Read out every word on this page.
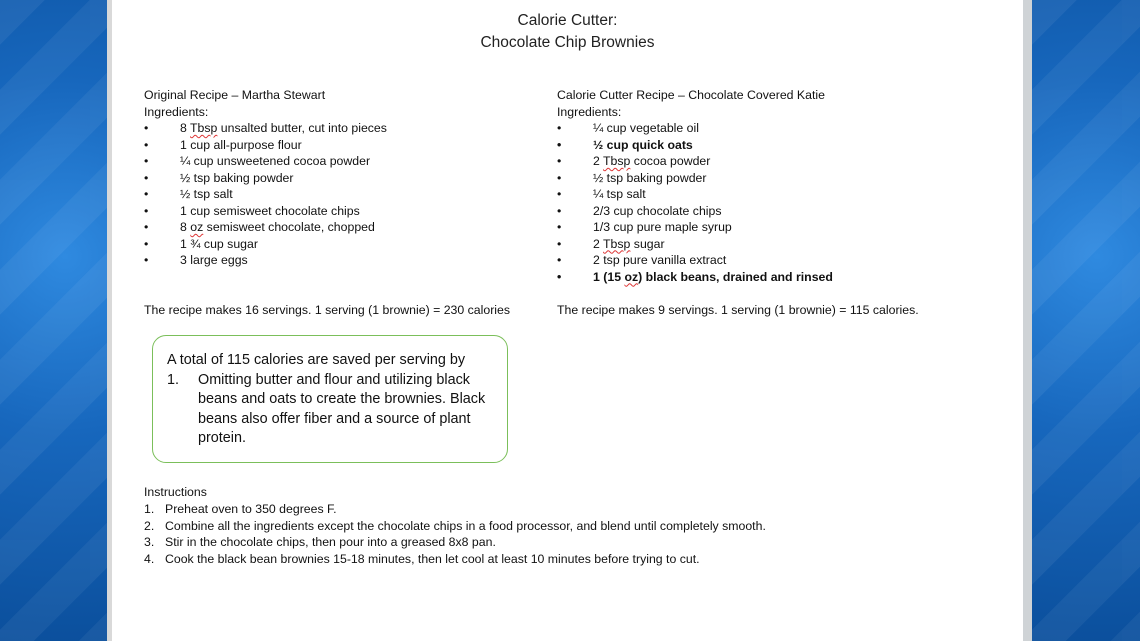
Calorie Cutter:
Chocolate Chip Brownies
Original Recipe – Martha Stewart
Ingredients:
•	8 Tbsp unsalted butter, cut into pieces
•	1 cup all-purpose flour
•	¼ cup unsweetened cocoa powder
•	½ tsp baking powder
•	½ tsp salt
•	1 cup semisweet chocolate chips
•	8 oz semisweet chocolate, chopped
•	1 ¾ cup sugar
•	3 large eggs
Calorie Cutter Recipe – Chocolate Covered Katie
Ingredients:
•	¼ cup vegetable oil
•	½ cup quick oats
•	2 Tbsp cocoa powder
•	½ tsp baking powder
•	¼ tsp salt
•	2/3 cup chocolate chips
•	1/3 cup pure maple syrup
•	2 Tbsp sugar
•	2 tsp pure vanilla extract
•	1 (15 oz) black beans, drained and rinsed
The recipe makes 16 servings. 1 serving (1 brownie) = 230 calories	The recipe makes 9 servings. 1 serving (1 brownie) = 115 calories.
A total of 115 calories are saved per serving by
1.	Omitting butter and flour and utilizing black beans and oats to create the brownies. Black beans also offer fiber and a source of plant protein.
Instructions
1. Preheat oven to 350 degrees F.
2. Combine all the ingredients except the chocolate chips in a food processor, and blend until completely smooth.
3. Stir in the chocolate chips, then pour into a greased 8x8 pan.
4. Cook the black bean brownies 15-18 minutes, then let cool at least 10 minutes before trying to cut.
